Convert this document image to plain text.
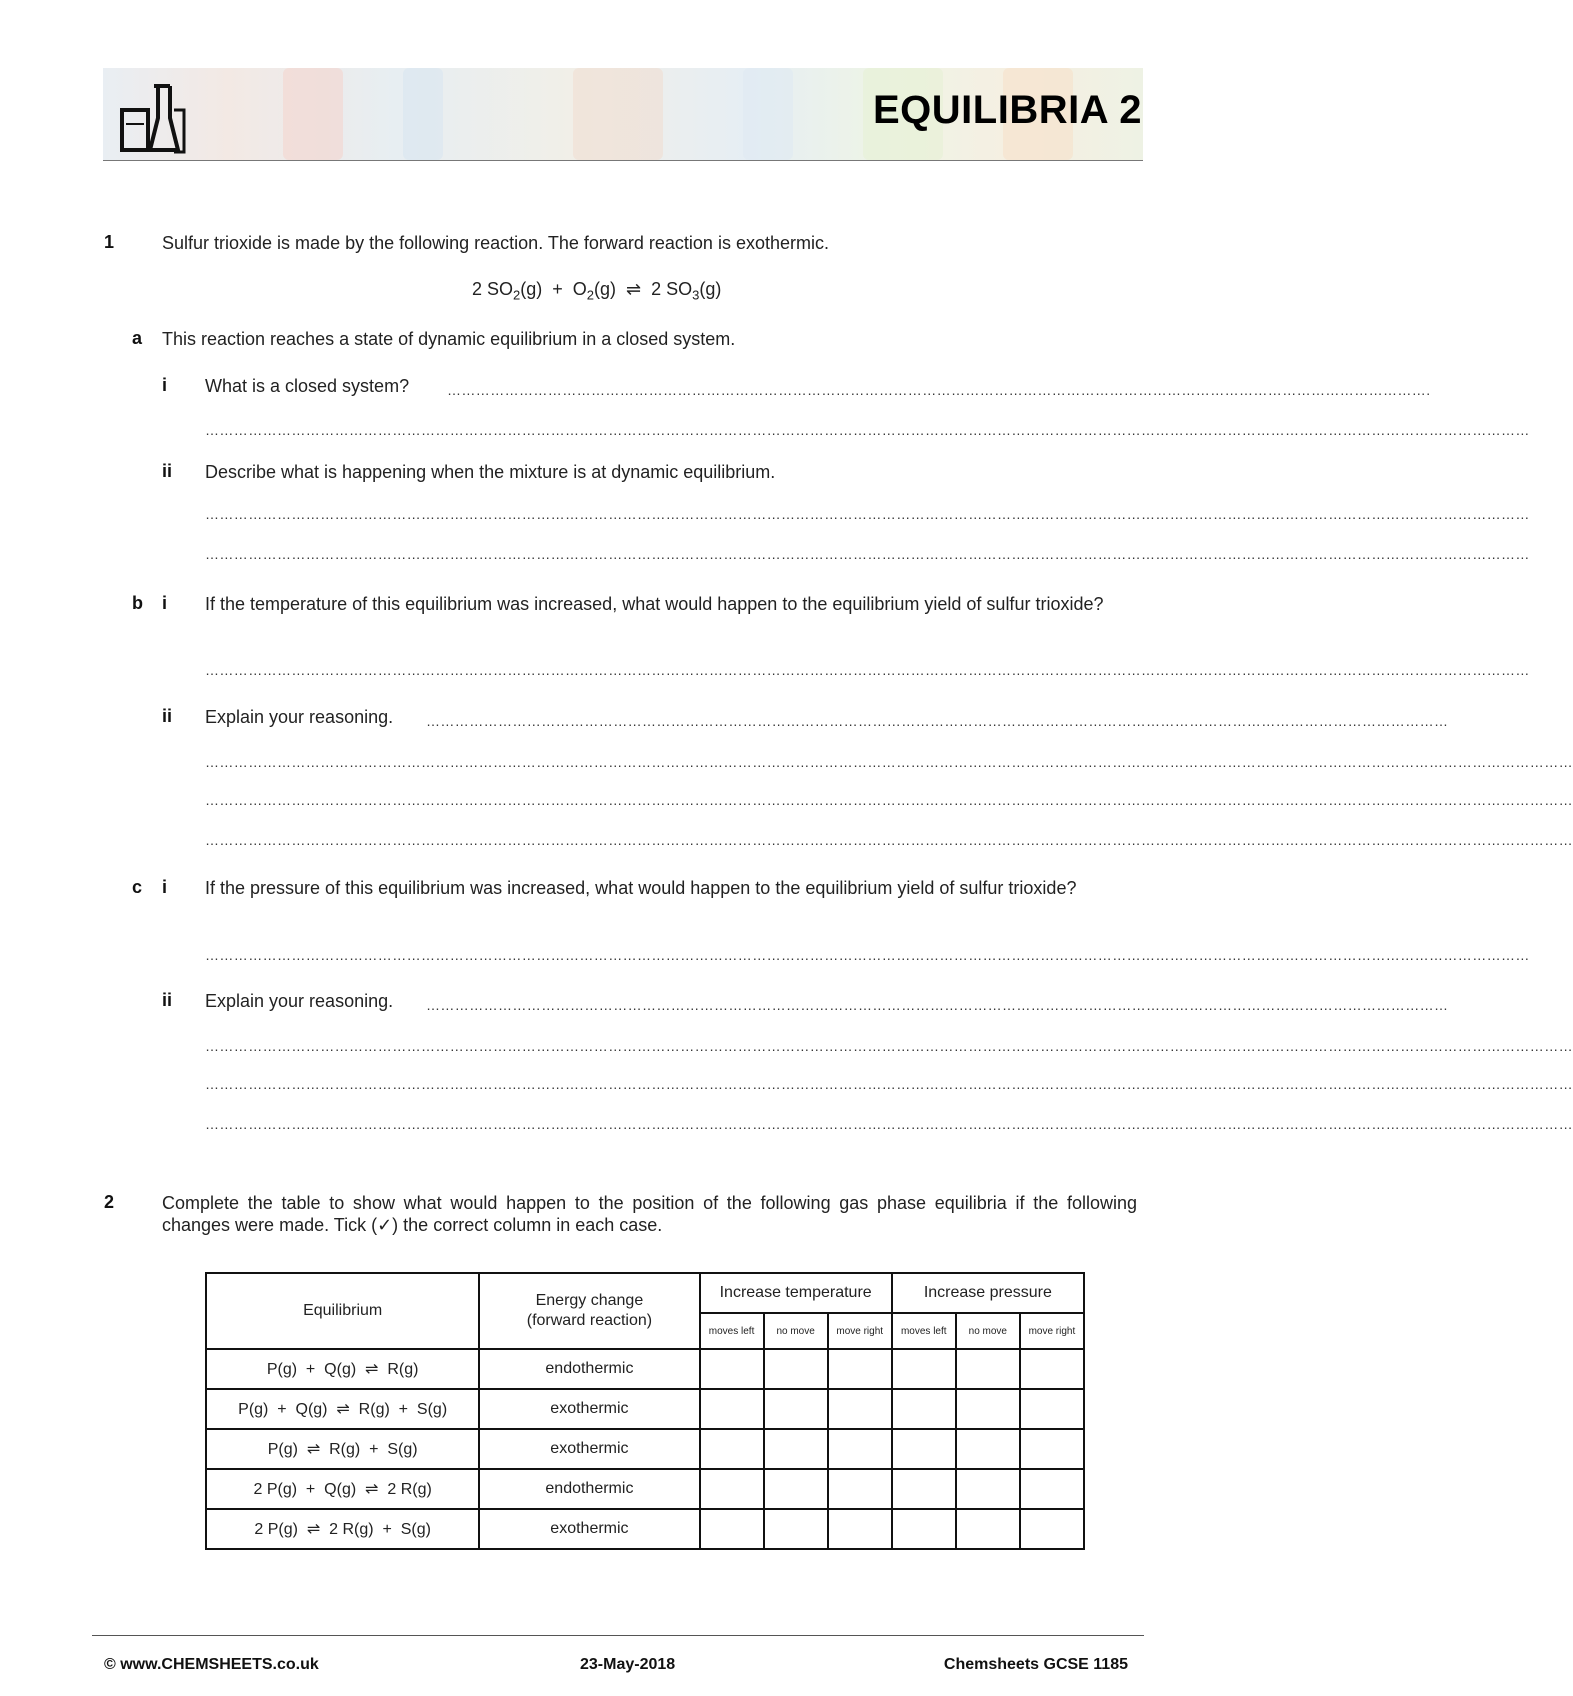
EQUILIBRIA 2
1	Sulfur trioxide is made by the following reaction. The forward reaction is exothermic.
2 $SO_2(g) + O_2(g)$  ⇌  2 $SO_3(g)$
a This reaction reaches a state of dynamic equilibrium in a closed system.
i What is a closed system?	…………………………………………………………………………………………………………………………………………………………………………………….
……………………………………………………………………………………………………………………………………………………………………………………………………………………………………………………
ii Describe what is happening when the mixture is at dynamic equilibrium.
……………………………………………………………………………………………………………………………………………………………………………………………………………………………………………………
……………………………………………………………………………………………………………………………………………………………………………………………………………………………………………………
b i If the temperature of this equilibrium was increased, what would happen to the equilibrium yield of sulfur trioxide?
……………………………………………………………………………………………………………………………………………………………………………………………………………………………………………………
ii Explain your reasoning. ……………………………………………………………………………………………………………………………………………………………………………………………
……………………………………………………………………………………………………………………………………………………………………………………………………………………………………………………………
……………………………………………………………………………………………………………………………………………………………………………………………………………………………………………………………
……………………………………………………………………………………………………………………………………………………………………………………………………………………………………………………………
c i If the pressure of this equilibrium was increased, what would happen to the equilibrium yield of sulfur trioxide?
……………………………………………………………………………………………………………………………………………………………………………………………………………………………………………………
ii Explain your reasoning. ……………………………………………………………………………………………………………………………………………………………………………………………
……………………………………………………………………………………………………………………………………………………………………………………………………………………………………………………………
……………………………………………………………………………………………………………………………………………………………………………………………………………………………………………………………
……………………………………………………………………………………………………………………………………………………………………………………………………………………………………………………………
2	Complete the table to show what would happen to the position of the following gas phase equilibria if the following changes were made. Tick (✓) the correct column in each case.
Equilibrium	Energy change (forward reaction)	Increase temperature			Increase pressure		
		moves left	no move	move right	moves left	no move	move right
P(g)  +  Q(g)  ⇌  R(g)	endothermic						
P(g)  +  Q(g)  ⇌  R(g)  +  S(g)	exothermic						
P(g)  ⇌  R(g)  +  S(g)	exothermic						
2 P(g)  +  Q(g)  ⇌  2 R(g)	endothermic						
2 P(g)  ⇌  2 R(g)  +  S(g)	exothermic						
© www.CHEMSHEETS.co.uk	23-May-2018	Chemsheets GCSE 1185
